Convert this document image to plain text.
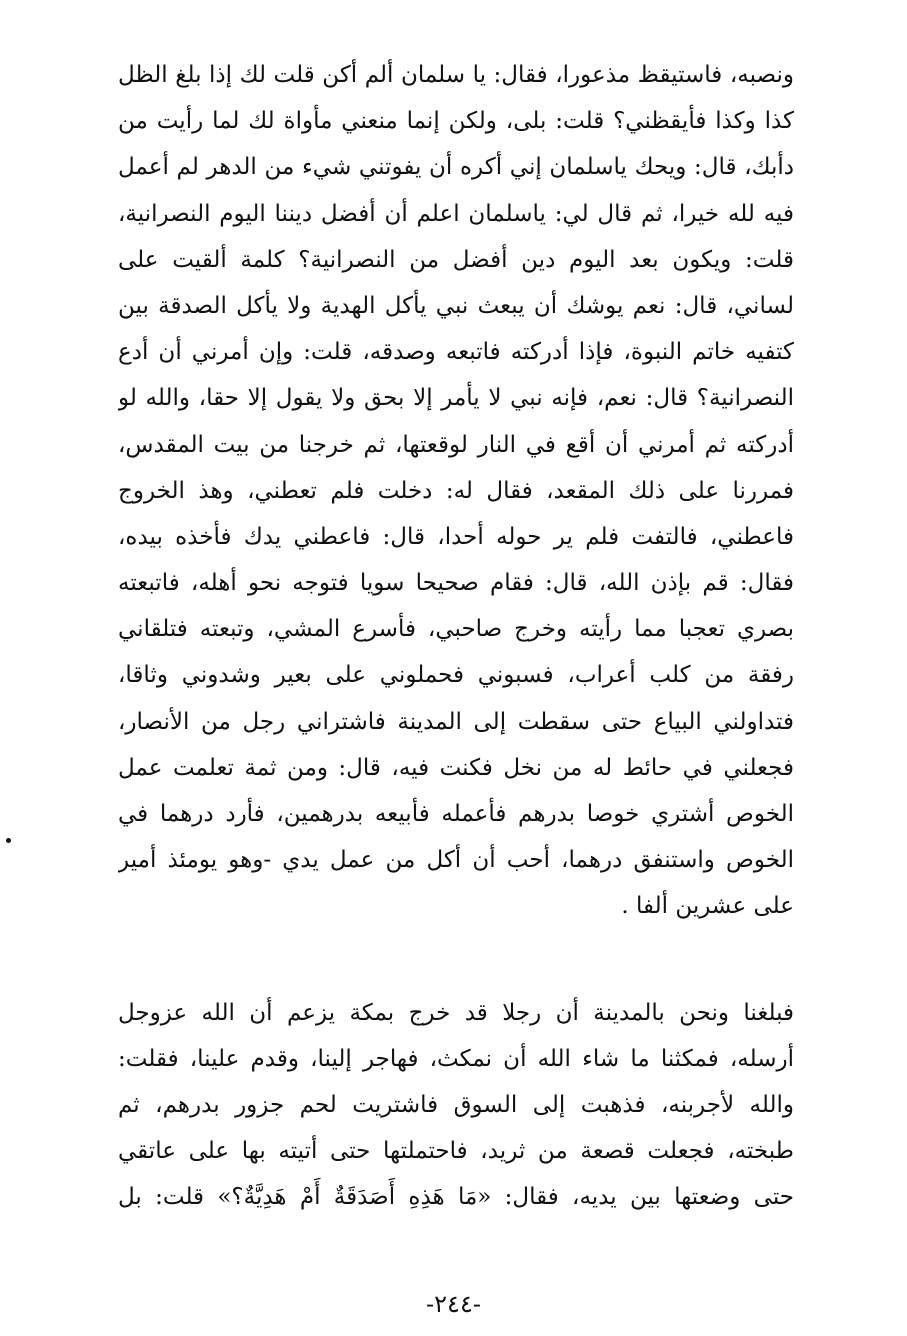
ونصبه، فاستيقظ مذعورا، فقال: يا سلمان ألم أكن قلت لك إذا بلغ الظل
كذا وكذا فأيقظني؟ قلت: بلى، ولكن إنما منعني مأواة لك لما رأيت من
دأبك، قال: ويحك ياسلمان إني أكره أن يفوتني شيء من الدهر لم أعمل
فيه لله خيرا، ثم قال لي: ياسلمان اعلم أن أفضل ديننا اليوم النصرانية،
قلت: ويكون بعد اليوم دين أفضل من النصرانية؟ كلمة ألقيت على
لساني، قال: نعم يوشك أن يبعث نبي يأكل الهدية ولا يأكل الصدقة بين
كتفيه خاتم النبوة، فإذا أدركته فاتبعه وصدقه، قلت: وإن أمرني أن أدع
النصرانية؟ قال: نعم، فإنه نبي لا يأمر إلا بحق ولا يقول إلا حقا، والله لو
أدركته ثم أمرني أن أقع في النار لوقعتها، ثم خرجنا من بيت المقدس،
فمررنا على ذلك المقعد، فقال له: دخلت فلم تعطني، وهذ الخروج
فاعطني، فالتفت فلم ير حوله أحدا، قال: فاعطني يدك فأخذه بيده،
فقال: قم بإذن الله، قال: فقام صحيحا سويا فتوجه نحو أهله، فاتبعته
بصري تعجبا مما رأيته وخرج صاحبي، فأسرع المشي، وتبعته فتلقاني
رفقة من كلب أعراب، فسبوني فحملوني على بعير وشدوني وثاقا،
فتداولني البياع حتى سقطت إلى المدينة فاشتراني رجل من الأنصار،
فجعلني في حائط له من نخل فكنت فيه، قال: ومن ثمة تعلمت عمل
الخوص أشتري خوصا بدرهم فأعمله فأبيعه بدرهمين، فأرد درهما في
الخوص واستنفق درهما، أحب أن أكل من عمل يدي -وهو يومئذ أمير
على عشرين ألفا .
فبلغنا ونحن بالمدينة أن رجلا قد خرج بمكة يزعم أن الله عزوجل
أرسله، فمكثنا ما شاء الله أن نمكث، فهاجر إلينا، وقدم علينا، فقلت:
والله لأجربنه، فذهبت إلى السوق فاشتريت لحم جزور بدرهم، ثم
طبخته، فجعلت قصعة من ثريد، فاحتملتها حتى أتيته بها على عاتقي
حتى وضعتها بين يديه، فقال: «مَا هَذِهِ أَصَدَقَةٌ أَمْ هَدِيَّةٌ؟» قلت: بل
-٢٤٤-
